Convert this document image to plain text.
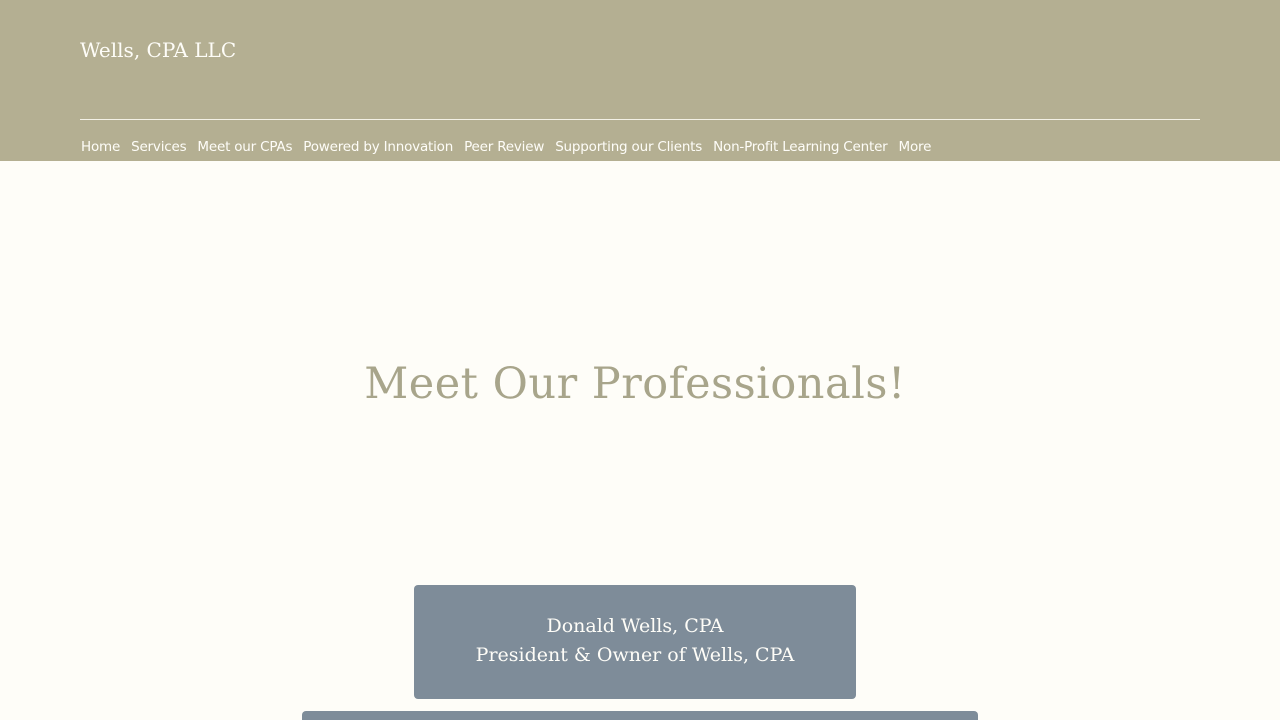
Wells, CPA LLC
Home Services Meet our CPAs Powered by Innovation Peer Review Supporting our Clients Non-Profit Learning Center More
Meet Our Professionals!
Donald Wells, CPA
President & Owner of Wells, CPA
